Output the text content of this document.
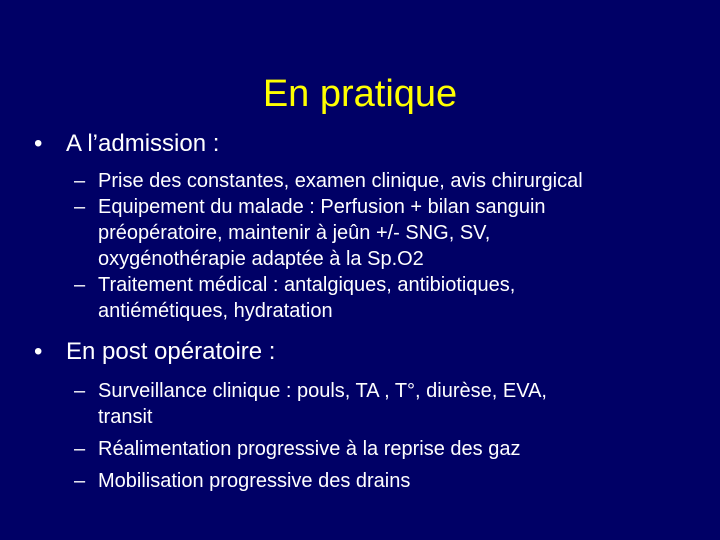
En pratique
• A l’admission :
– Prise des constantes, examen clinique, avis chirurgical
– Equipement du malade : Perfusion + bilan sanguin
préopératoire, maintenir à jeûn +/- SNG, SV,
oxygénothérapie adaptée à la Sp.O2
– Traitement médical : antalgiques, antibiotiques,
antiémétiques, hydratation
• En post opératoire :
– Surveillance clinique : pouls, TA , T°, diurèse, EVA,
transit
– Réalimentation progressive à la reprise des gaz
– Mobilisation progressive des drains
